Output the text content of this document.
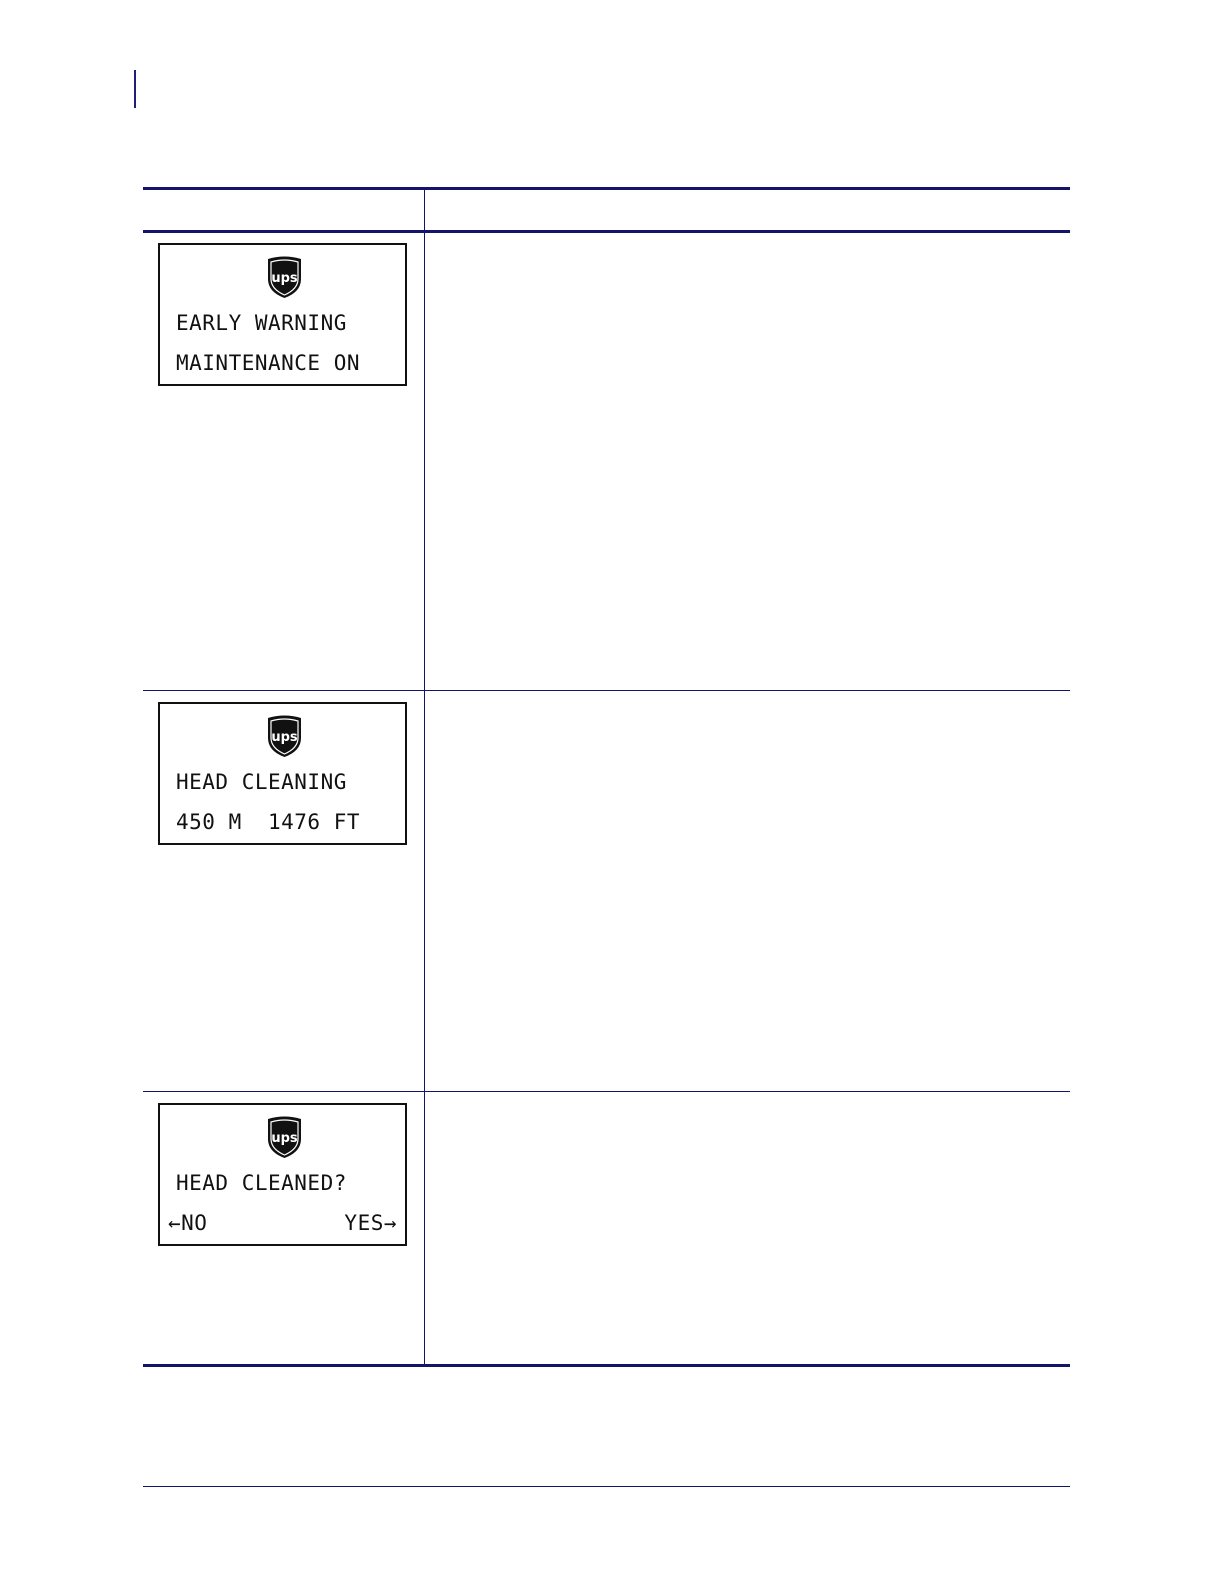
ups
EARLY WARNING
MAINTENANCE ON
ups
HEAD CLEANING
450 M  1476 FT
ups
HEAD CLEANED?
←NO	YES→
